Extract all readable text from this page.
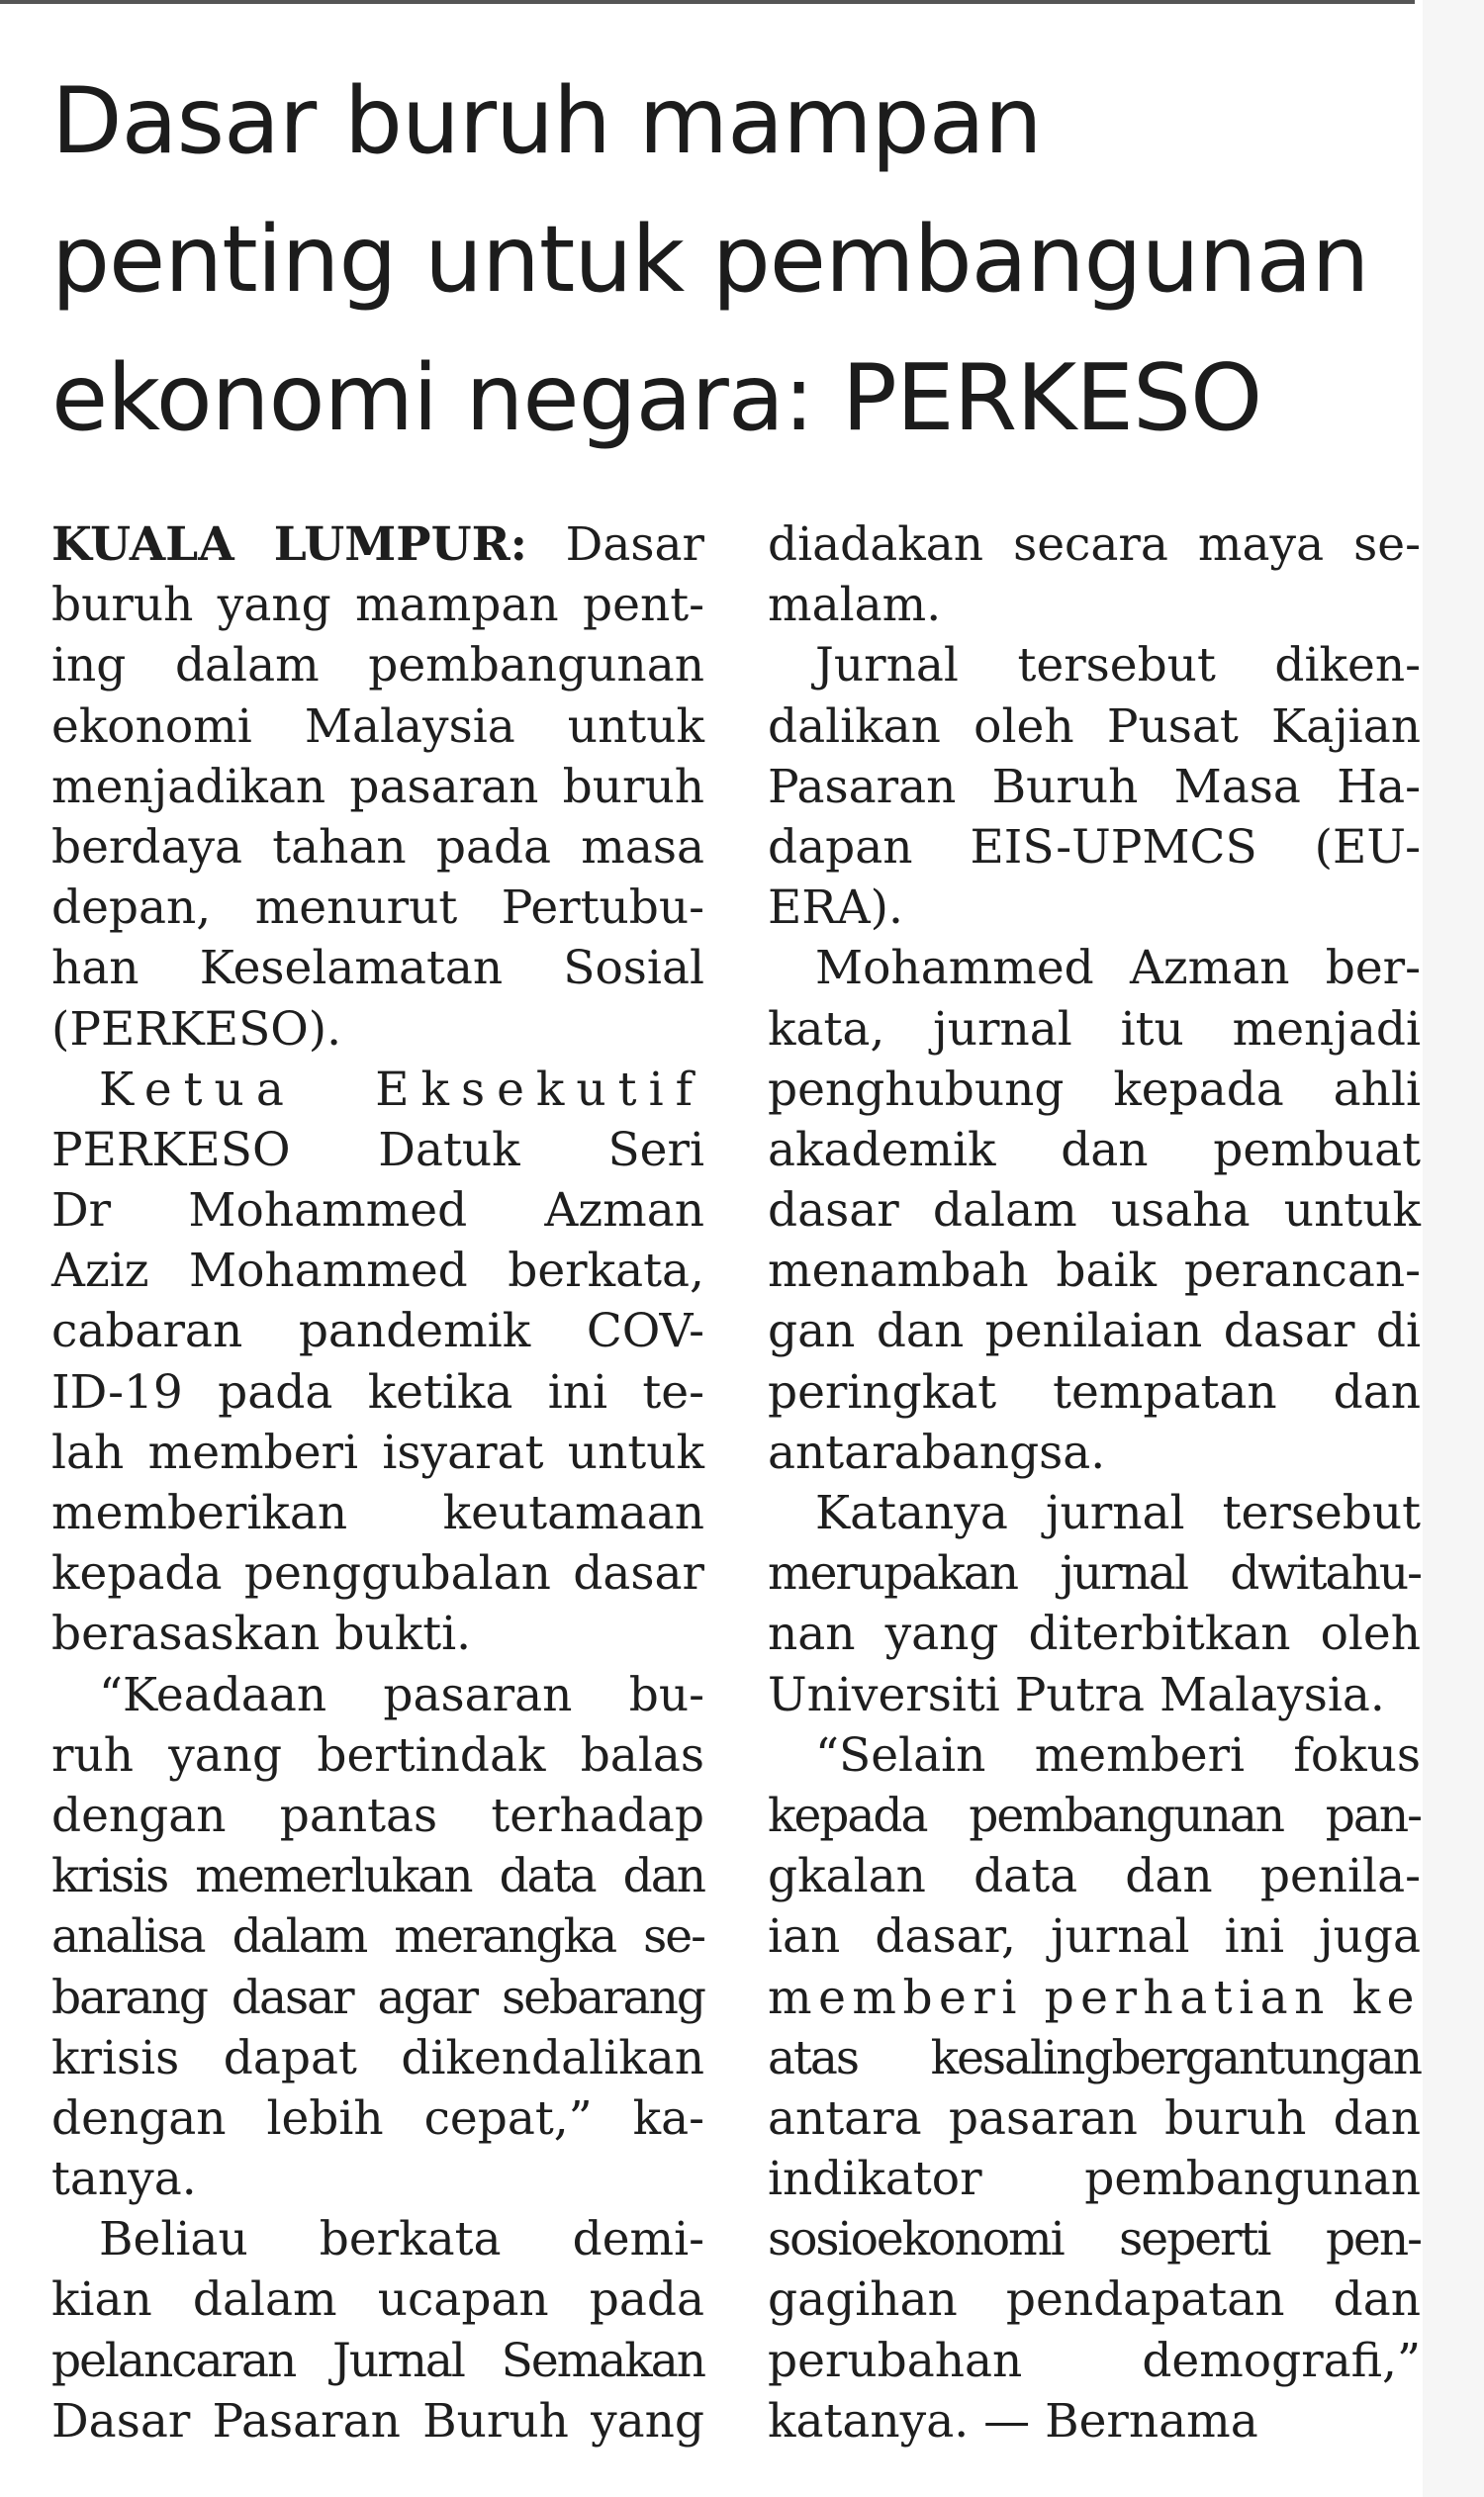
Dasar buruh mampan
penting untuk pembangunan
ekonomi negara: PERKESO
KUALA LUMPUR: Dasar
buruh yang mampan pent-
ing dalam pembangunan
ekonomi Malaysia untuk
menjadikan pasaran buruh
berdaya tahan pada masa
depan, menurut Pertubu-
han Keselamatan Sosial
(PERKESO).
Ketua Eksekutif
PERKESO Datuk Seri
Dr Mohammed Azman
Aziz Mohammed berkata,
cabaran pandemik COV-
ID-19 pada ketika ini te-
lah memberi isyarat untuk
memberikan keutamaan
kepada penggubalan dasar
berasaskan bukti.
“Keadaan pasaran bu-
ruh yang bertindak balas
dengan pantas terhadap
krisis memerlukan data dan
analisa dalam merangka se-
barang dasar agar sebarang
krisis dapat dikendalikan
dengan lebih cepat,” ka-
tanya.
Beliau berkata demi-
kian dalam ucapan pada
pelancaran Jurnal Semakan
Dasar Pasaran Buruh yang
diadakan secara maya se-
malam.
Jurnal tersebut diken-
dalikan oleh Pusat Kajian
Pasaran Buruh Masa Ha-
dapan EIS-UPMCS (EU-
ERA).
Mohammed Azman ber-
kata, jurnal itu menjadi
penghubung kepada ahli
akademik dan pembuat
dasar dalam usaha untuk
menambah baik perancan-
gan dan penilaian dasar di
peringkat tempatan dan
antarabangsa.
Katanya jurnal tersebut
merupakan jurnal dwitahu-
nan yang diterbitkan oleh
Universiti Putra Malaysia.
“Selain memberi fokus
kepada pembangunan pan-
gkalan data dan penila-
ian dasar, jurnal ini juga
memberi perhatian ke
atas kesalingbergantungan
antara pasaran buruh dan
indikator pembangunan
sosioekonomi seperti pen-
gagihan pendapatan dan
perubahan demografi,”
katanya. — Bernama
